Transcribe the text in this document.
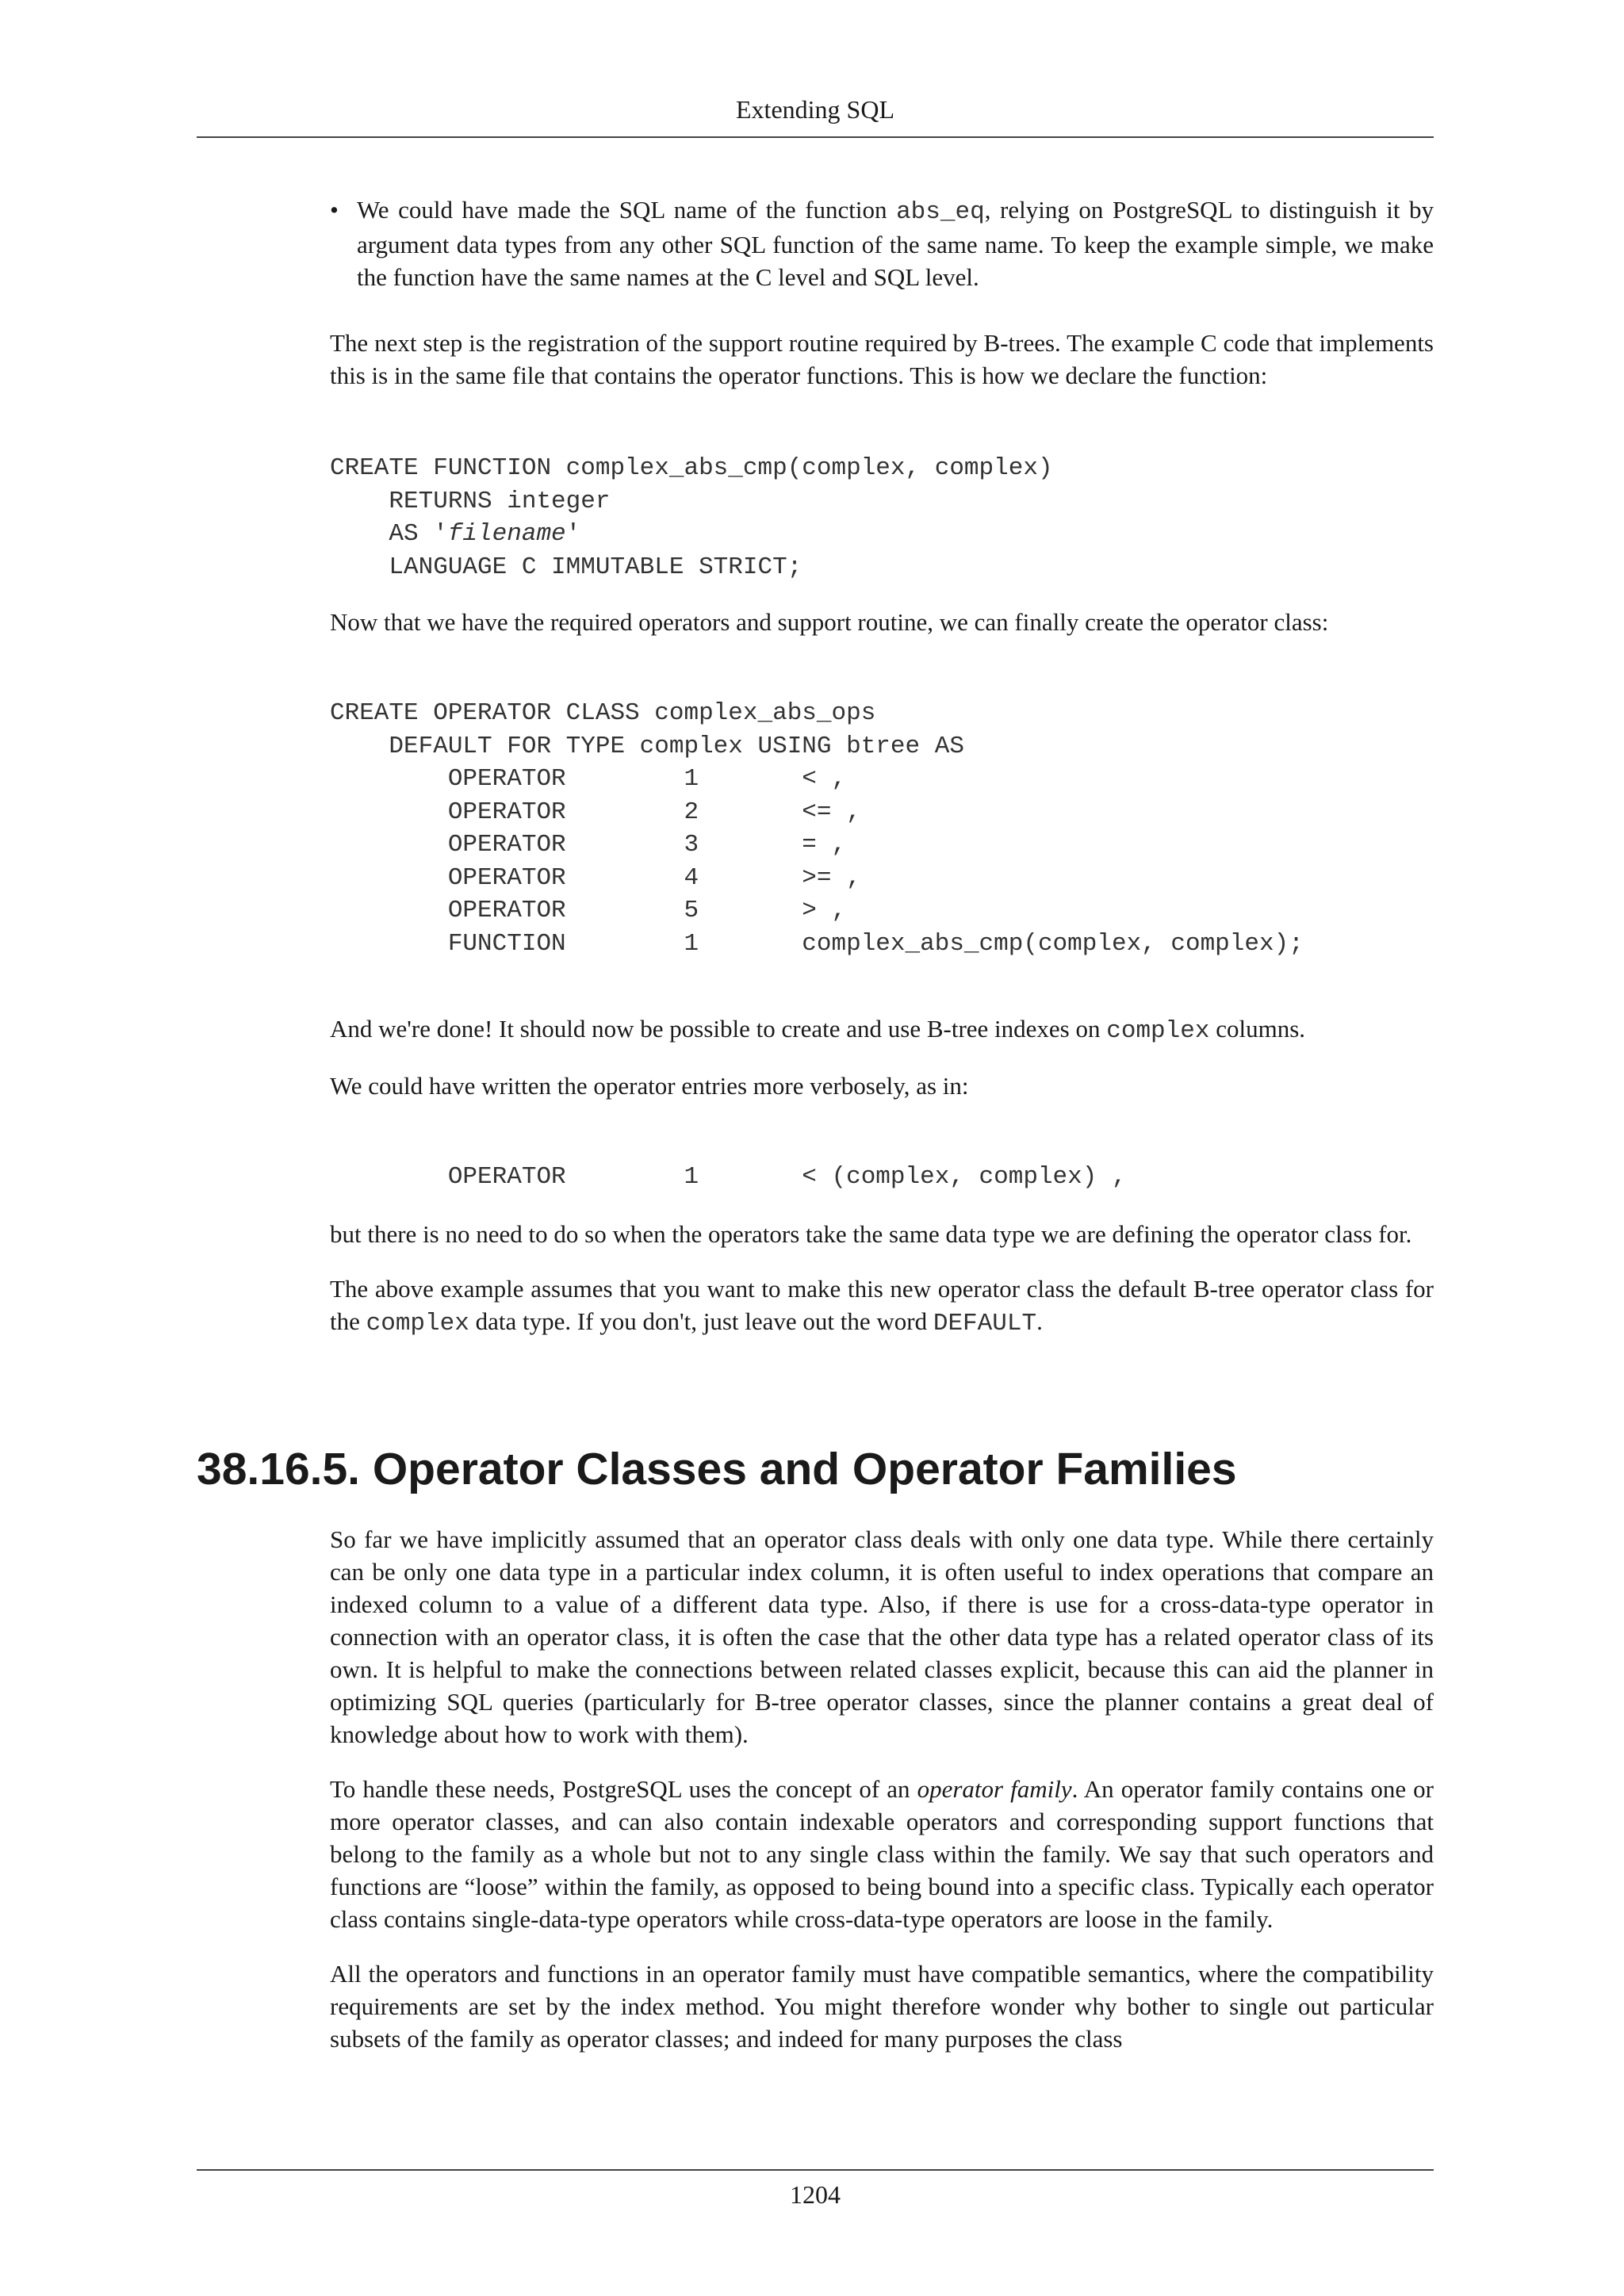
Extending SQL
• We could have made the SQL name of the function abs_eq, relying on PostgreSQL to distinguish it by argument data types from any other SQL function of the same name. To keep the example simple, we make the function have the same names at the C level and SQL level.

The next step is the registration of the support routine required by B-trees. The example C code that implements this is in the same file that contains the operator functions. This is how we declare the function:

CREATE FUNCTION complex_abs_cmp(complex, complex)
RETURNS integer
AS 'filename'
LANGUAGE C IMMUTABLE STRICT;

Now that we have the required operators and support routine, we can finally create the operator class:

CREATE OPERATOR CLASS complex_abs_ops
DEFAULT FOR TYPE complex USING btree AS
OPERATOR        1       < ,
OPERATOR        2       <= ,
OPERATOR        3       = ,
OPERATOR        4       >= ,
OPERATOR        5       > ,
FUNCTION        1       complex_abs_cmp(complex, complex);

And we're done! It should now be possible to create and use B-tree indexes on complex columns.

We could have written the operator entries more verbosely, as in:

OPERATOR        1       < (complex, complex) ,

but there is no need to do so when the operators take the same data type we are defining the operator class for.

The above example assumes that you want to make this new operator class the default B-tree operator class for the complex data type. If you don't, just leave out the word DEFAULT.

38.16.5. Operator Classes and Operator Families

So far we have implicitly assumed that an operator class deals with only one data type. While there certainly can be only one data type in a particular index column, it is often useful to index operations that compare an indexed column to a value of a different data type. Also, if there is use for a cross-data-type operator in connection with an operator class, it is often the case that the other data type has a related operator class of its own. It is helpful to make the connections between related classes explicit, because this can aid the planner in optimizing SQL queries (particularly for B-tree operator classes, since the planner contains a great deal of knowledge about how to work with them).

To handle these needs, PostgreSQL uses the concept of an operator family. An operator family contains one or more operator classes, and can also contain indexable operators and corresponding support functions that belong to the family as a whole but not to any single class within the family. We say that such operators and functions are “loose” within the family, as opposed to being bound into a specific class. Typically each operator class contains single-data-type operators while cross-data-type operators are loose in the family.

All the operators and functions in an operator family must have compatible semantics, where the compatibility requirements are set by the index method. You might therefore wonder why bother to single out particular subsets of the family as operator classes; and indeed for many purposes the class

1204
